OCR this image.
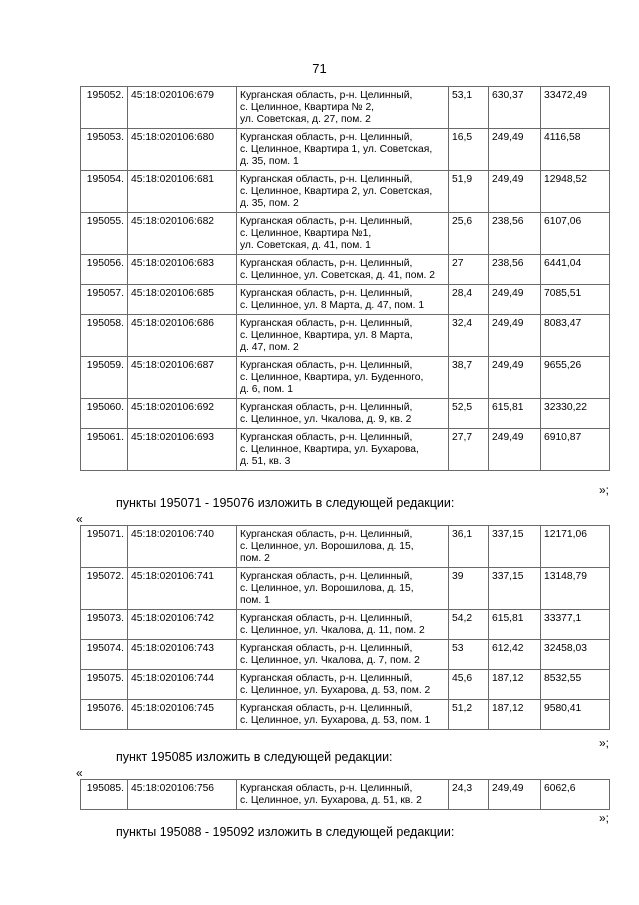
71
195052.	45:18:020106:679	Курганская область, р-н. Целинный,
с. Целинное, Квартира № 2,
ул. Советская, д. 27, пом. 2	53,1	630,37	33472,49
195053.	45:18:020106:680	Курганская область, р-н. Целинный,
с. Целинное, Квартира 1, ул. Советская,
д. 35, пом. 1	16,5	249,49	4116,58
195054.	45:18:020106:681	Курганская область, р-н. Целинный,
с. Целинное, Квартира 2, ул. Советская,
д. 35, пом. 2	51,9	249,49	12948,52
195055.	45:18:020106:682	Курганская область, р-н. Целинный,
с. Целинное, Квартира №1,
ул. Советская, д. 41, пом. 1	25,6	238,56	6107,06
195056.	45:18:020106:683	Курганская область, р-н. Целинный,
с. Целинное, ул. Советская, д. 41, пом. 2	27	238,56	6441,04
195057.	45:18:020106:685	Курганская область, р-н. Целинный,
с. Целинное, ул. 8 Марта, д. 47, пом. 1	28,4	249,49	7085,51
195058.	45:18:020106:686	Курганская область, р-н. Целинный,
с. Целинное, Квартира, ул. 8 Марта,
д. 47, пом. 2	32,4	249,49	8083,47
195059.	45:18:020106:687	Курганская область, р-н. Целинный,
с. Целинное, Квартира, ул. Буденного,
д. 6, пом. 1	38,7	249,49	9655,26
195060.	45:18:020106:692	Курганская область, р-н. Целинный,
с. Целинное, ул. Чкалова, д. 9, кв. 2	52,5	615,81	32330,22
195061.	45:18:020106:693	Курганская область, р-н. Целинный,
с. Целинное, Квартира, ул. Бухарова,
д. 51, кв. 3	27,7	249,49	6910,87
»;
пункты 195071 - 195076 изложить в следующей редакции:
«
195071.	45:18:020106:740	Курганская область, р-н. Целинный,
с. Целинное, ул. Ворошилова, д. 15,
пом. 2	36,1	337,15	12171,06
195072.	45:18:020106:741	Курганская область, р-н. Целинный,
с. Целинное, ул. Ворошилова, д. 15,
пом. 1	39	337,15	13148,79
195073.	45:18:020106:742	Курганская область, р-н. Целинный,
с. Целинное, ул. Чкалова, д. 11, пом. 2	54,2	615,81	33377,1
195074.	45:18:020106:743	Курганская область, р-н. Целинный,
с. Целинное, ул. Чкалова, д. 7, пом. 2	53	612,42	32458,03
195075.	45:18:020106:744	Курганская область, р-н. Целинный,
с. Целинное, ул. Бухарова, д. 53, пом. 2	45,6	187,12	8532,55
195076.	45:18:020106:745	Курганская область, р-н. Целинный,
с. Целинное, ул. Бухарова, д. 53, пом. 1	51,2	187,12	9580,41
»;
пункт 195085 изложить в следующей редакции:
«
195085.	45:18:020106:756	Курганская область, р-н. Целинный,
с. Целинное, ул. Бухарова, д. 51, кв. 2	24,3	249,49	6062,6
»;
пункты 195088 - 195092 изложить в следующей редакции:
